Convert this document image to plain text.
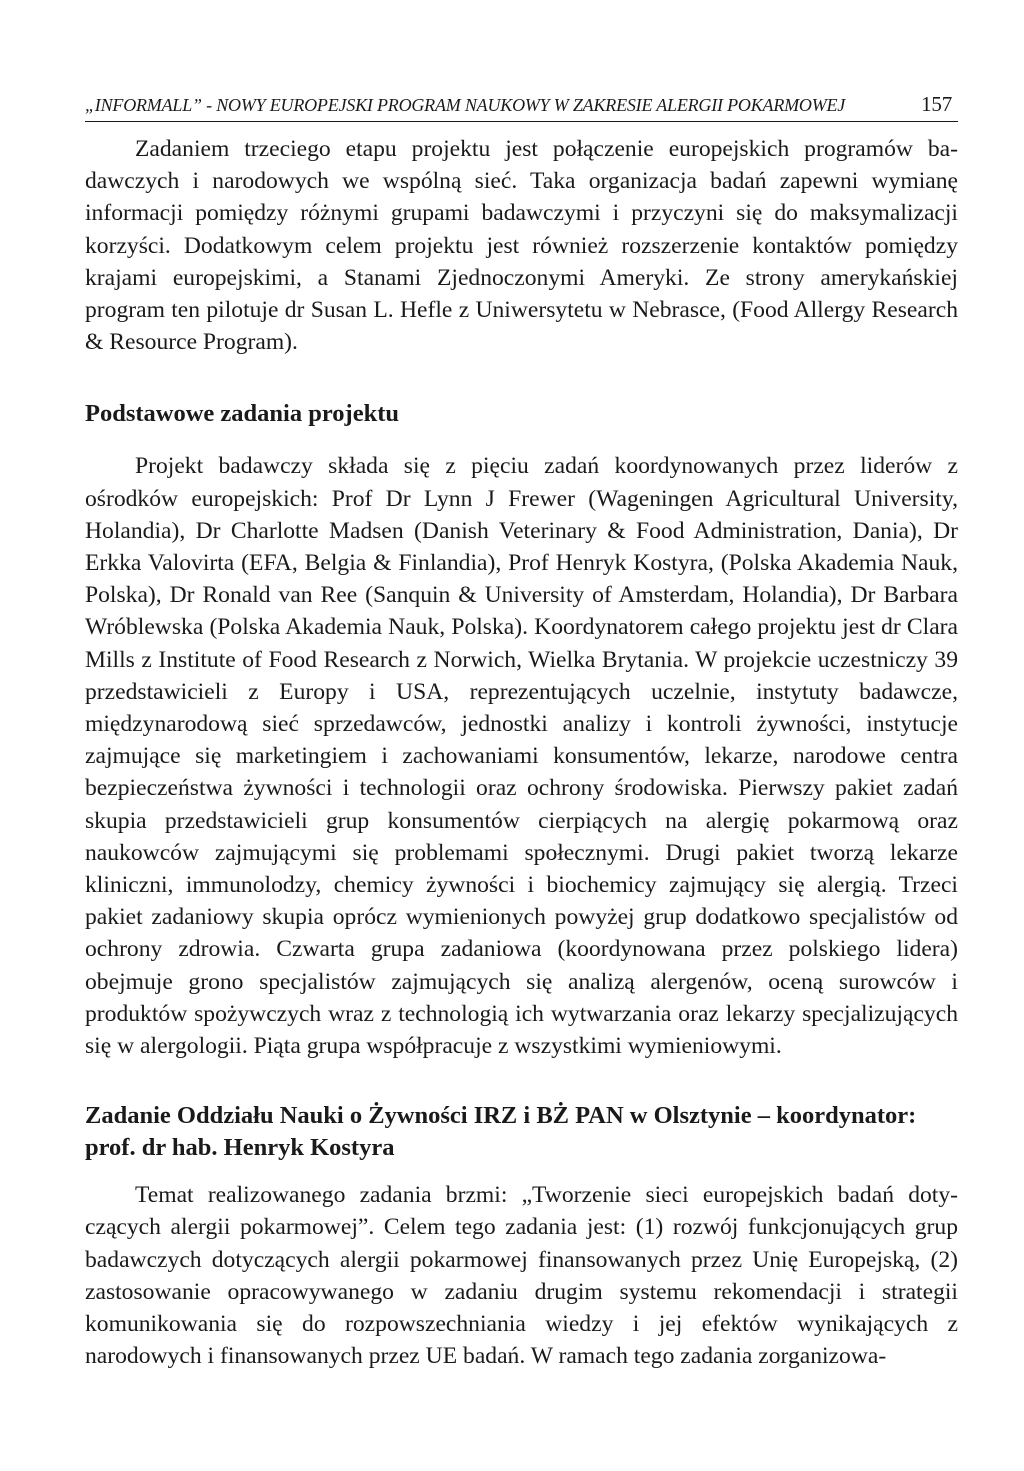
„INFORMALL” - NOWY EUROPEJSKI PROGRAM NAUKOWY W ZAKRESIE ALERGII POKARMOWEJ	157

Zadaniem trzeciego etapu projektu jest połączenie europejskich programów badawczych i narodowych we wspólną sieć. Taka organizacja badań zapewni wymianę informacji pomiędzy różnymi grupami badawczymi i przyczyni się do maksymalizacji korzyści. Dodatkowym celem projektu jest również rozszerzenie kontaktów pomiędzy krajami europejskimi, a Stanami Zjednoczonymi Ameryki. Ze strony amerykańskiej program ten pilotuje dr Susan L. Hefle z Uniwersytetu w Nebrasce, (Food Allergy Research & Resource Program).

Podstawowe zadania projektu

Projekt badawczy składa się z pięciu zadań koordynowanych przez liderów z ośrodków europejskich: Prof Dr Lynn J Frewer (Wageningen Agricultural University, Holandia), Dr Charlotte Madsen (Danish Veterinary & Food Administration, Dania), Dr Erkka Valovirta (EFA, Belgia & Finlandia), Prof Henryk Kostyra, (Polska Akademia Nauk, Polska), Dr Ronald van Ree (Sanquin & University of Amsterdam, Holandia), Dr Barbara Wróblewska (Polska Akademia Nauk, Polska). Koordynatorem całego projektu jest dr Clara Mills z Institute of Food Research z Norwich, Wielka Brytania. W projekcie uczestniczy 39 przedstawicieli z Europy i USA, reprezentujących uczelnie, instytuty badawcze, międzynarodową sieć sprzedawców, jednostki analizy i kontroli żywności, instytucje zajmujące się marketingiem i zachowaniami konsumentów, lekarze, narodowe centra bezpieczeństwa żywności i technologii oraz ochrony środowiska. Pierwszy pakiet zadań skupia przedstawicieli grup konsumentów cierpiących na alergię pokarmową oraz naukowców zajmującymi się problemami społecznymi. Drugi pakiet tworzą lekarze kliniczni, immunolodzy, chemicy żywności i biochemicy zajmujący się alergią. Trzeci pakiet zadaniowy skupia oprócz wymienionych powyżej grup dodatkowo specjalistów od ochrony zdrowia. Czwarta grupa zadaniowa (koordynowana przez polskiego lidera) obejmuje grono specjalistów zajmujących się analizą alergenów, oceną surowców i produktów spożywczych wraz z technologią ich wytwarzania oraz lekarzy specjalizujących się w alergologii. Piąta grupa współpracuje z wszystkimi wymieniowymi.

Zadanie Oddziału Nauki o Żywności IRZ i BŻ PAN w Olsztynie – koordynator: prof. dr hab. Henryk Kostyra

Temat realizowanego zadania brzmi: „Tworzenie sieci europejskich badań dotyczących alergii pokarmowej”. Celem tego zadania jest: (1) rozwój funkcjonujących grup badawczych dotyczących alergii pokarmowej finansowanych przez Unię Europejską, (2) zastosowanie opracowywanego w zadaniu drugim systemu rekomendacji i strategii komunikowania się do rozpowszechniania wiedzy i jej efektów wynikających z narodowych i finansowanych przez UE badań. W ramach tego zadania zorganizowa-
